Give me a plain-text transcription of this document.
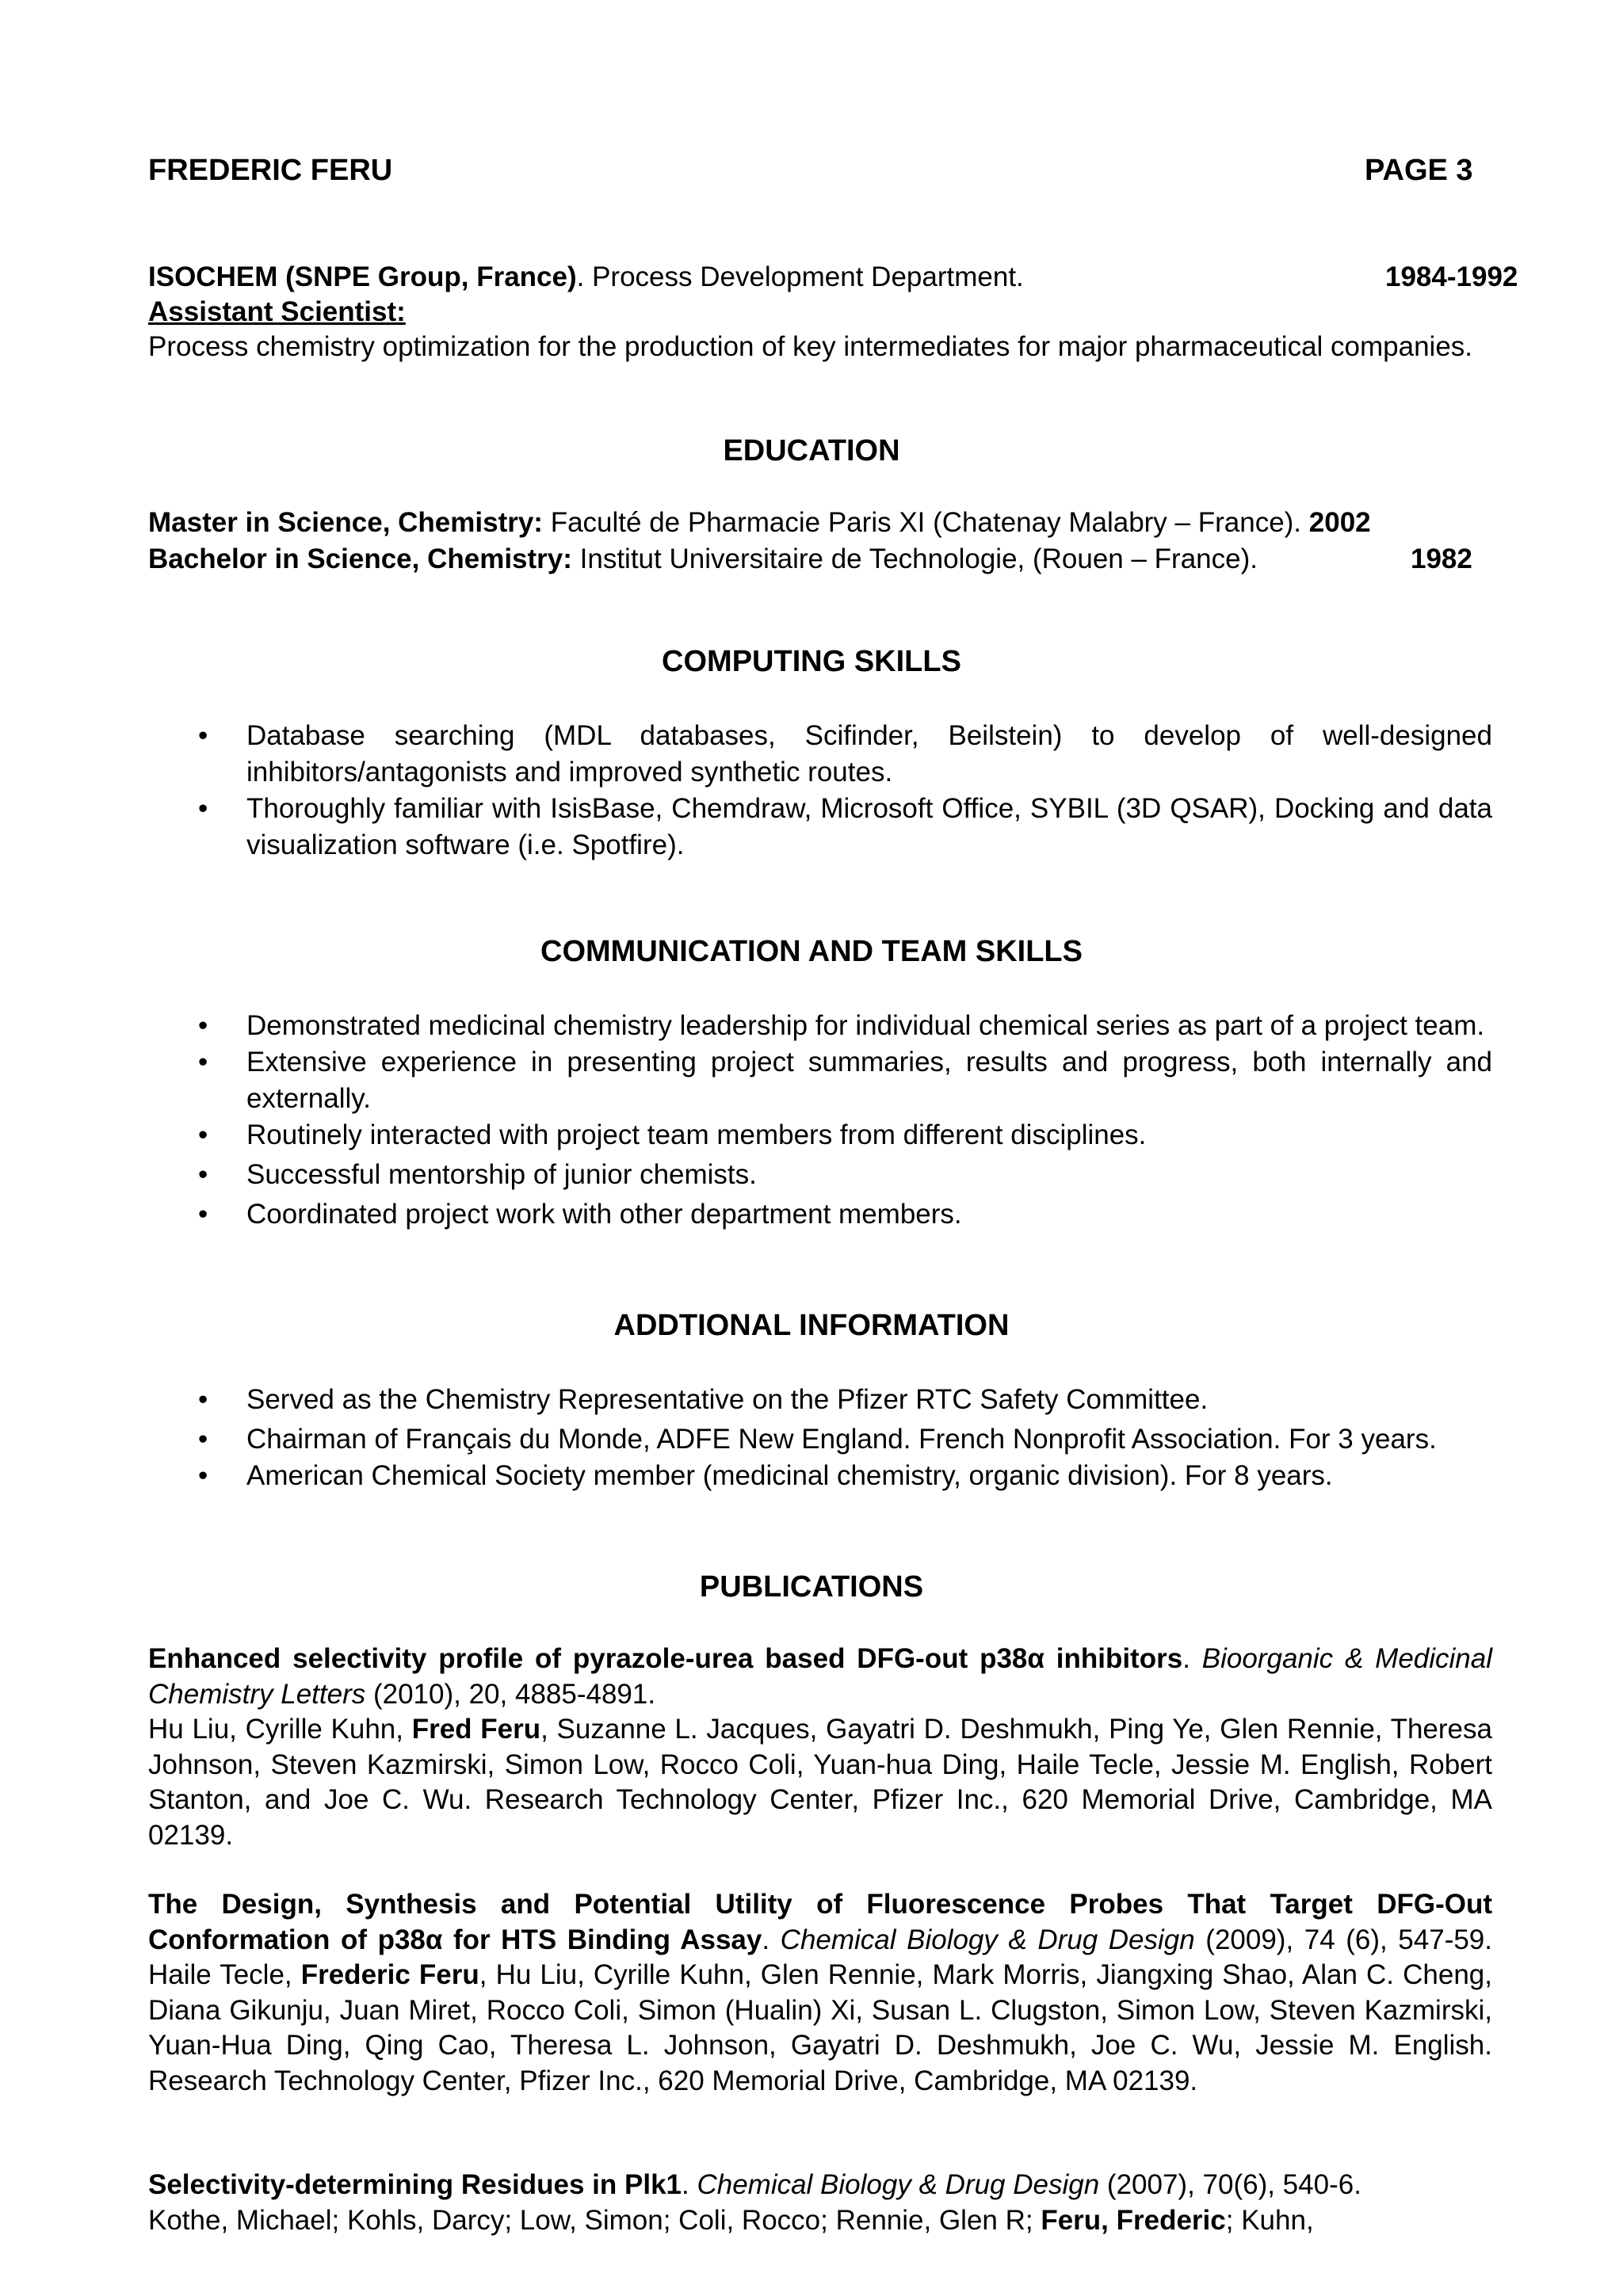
FREDERIC FERU	PAGE 3
ISOCHEM (SNPE Group, France). Process Development Department.	1984-1992
Assistant Scientist:
Process chemistry optimization for the production of key intermediates for major pharmaceutical companies.
EDUCATION
Master in Science, Chemistry: Faculté de Pharmacie Paris XI (Chatenay Malabry – France). 2002
Bachelor in Science, Chemistry: Institut Universitaire de Technologie, (Rouen – France).	1982
COMPUTING SKILLS
• Database searching (MDL databases, Scifinder, Beilstein) to develop of well-designed inhibitors/antagonists and improved synthetic routes.
• Thoroughly familiar with IsisBase, Chemdraw, Microsoft Office, SYBIL (3D QSAR), Docking and data visualization software (i.e. Spotfire).
COMMUNICATION AND TEAM SKILLS
• Demonstrated medicinal chemistry leadership for individual chemical series as part of a project team.
• Extensive experience in presenting project summaries, results and progress, both internally and externally.
• Routinely interacted with project team members from different disciplines.
• Successful mentorship of junior chemists.
• Coordinated project work with other department members.
ADDTIONAL INFORMATION
• Served as the Chemistry Representative on the Pfizer RTC Safety Committee.
• Chairman of Français du Monde, ADFE New England. French Nonprofit Association. For 3 years.
• American Chemical Society member (medicinal chemistry, organic division). For 8 years.
PUBLICATIONS
Enhanced selectivity profile of pyrazole-urea based DFG-out p38α inhibitors. Bioorganic & Medicinal Chemistry Letters (2010), 20, 4885-4891.
Hu Liu, Cyrille Kuhn, Fred Feru, Suzanne L. Jacques, Gayatri D. Deshmukh, Ping Ye, Glen Rennie, Theresa Johnson, Steven Kazmirski, Simon Low, Rocco Coli, Yuan-hua Ding, Haile Tecle, Jessie M. English, Robert Stanton, and Joe C. Wu. Research Technology Center, Pfizer Inc., 620 Memorial Drive, Cambridge, MA 02139.
The Design, Synthesis and Potential Utility of Fluorescence Probes That Target DFG-Out Conformation of p38α for HTS Binding Assay. Chemical Biology & Drug Design (2009), 74 (6), 547-59. Haile Tecle, Frederic Feru, Hu Liu, Cyrille Kuhn, Glen Rennie, Mark Morris, Jiangxing Shao, Alan C. Cheng, Diana Gikunju, Juan Miret, Rocco Coli, Simon (Hualin) Xi, Susan L. Clugston, Simon Low, Steven Kazmirski, Yuan-Hua Ding, Qing Cao, Theresa L. Johnson, Gayatri D. Deshmukh, Joe C. Wu, Jessie M. English. Research Technology Center, Pfizer Inc., 620 Memorial Drive, Cambridge, MA 02139.
Selectivity-determining Residues in Plk1. Chemical Biology & Drug Design (2007), 70(6), 540-6.
Kothe, Michael; Kohls, Darcy; Low, Simon; Coli, Rocco; Rennie, Glen R; Feru, Frederic; Kuhn,
